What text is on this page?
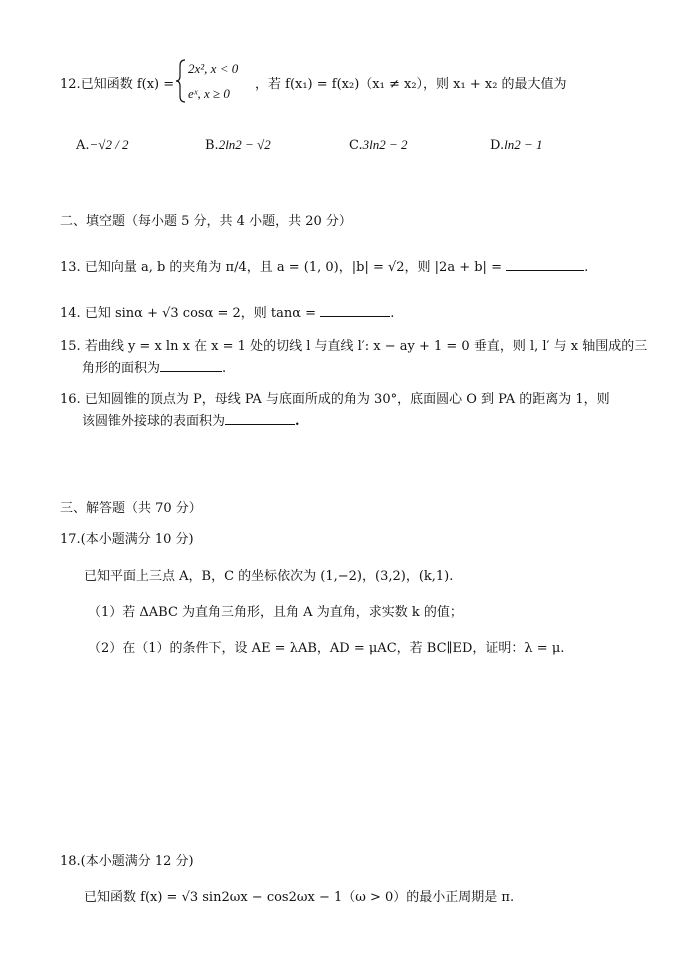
12.已知函数 f(x) =
2x², x < 0
eˣ, x ≥ 0
，若 f(x₁) = f(x₂)（x₁ ≠ x₂），则 x₁ + x₂ 的最大值为
A.−√2 / 2	B.2ln2 − √2	C.3ln2 − 2	D.ln2 − 1
二、填空题（每小题 5 分，共 4 小题，共 20 分）
13. 已知向量 a, b 的夹角为 π/4，且 a = (1, 0)，|b| = √2，则 |2a + b| =	.
14. 已知 sinα + √3 cosα = 2，则 tanα =	.
15. 若曲线 y = x ln x 在 x = 1 处的切线 l 与直线 l′: x − ay + 1 = 0 垂直，则 l, l′ 与 x 轴围成的三
角形的面积为	.
16. 已知圆锥的顶点为 P，母线 PA 与底面所成的角为 30°，底面圆心 O 到 PA 的距离为 1，则
该圆锥外接球的表面积为	.
三、解答题（共 70 分）
17.(本小题满分 10 分)
已知平面上三点 A，B，C 的坐标依次为 (1,−2)，(3,2)，(k,1).
（1）若 ΔABC 为直角三角形，且角 A 为直角，求实数 k 的值；
（2）在（1）的条件下，设 AE = λAB，AD = μAC，若 BC∥ED，证明：λ = μ.
18.(本小题满分 12 分)
已知函数 f(x) = √3 sin2ωx − cos2ωx − 1（ω > 0）的最小正周期是 π.
